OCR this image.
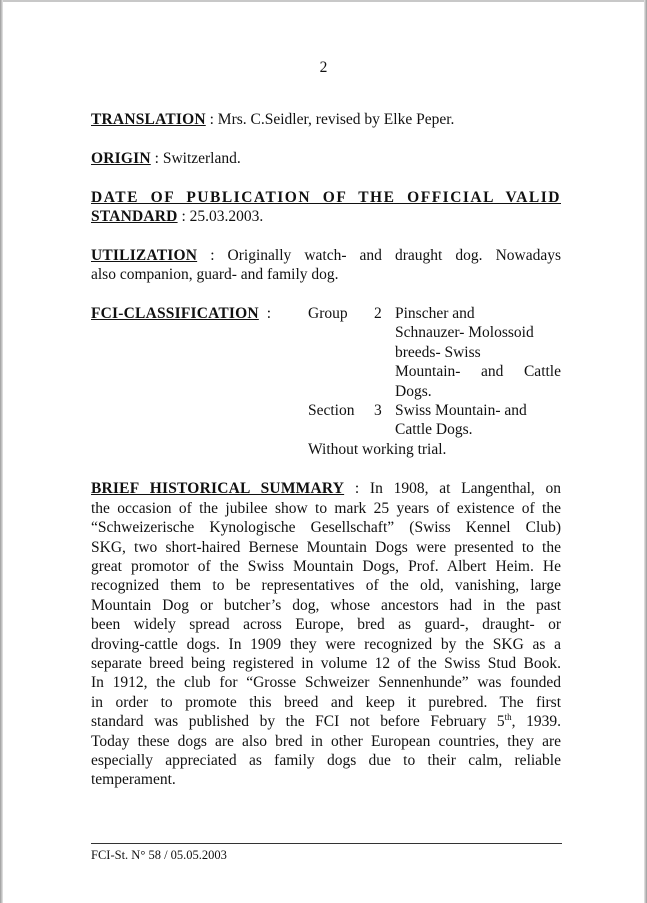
2

TRANSLATION : Mrs. C.Seidler, revised by Elke Peper.

ORIGIN : Switzerland.

DATE OF PUBLICATION OF THE OFFICIAL VALID
STANDARD : 25.03.2003.
UTILIZATION : Originally watch- and draught dog. Nowadays
also companion, guard- and family dog.
FCI-CLASSIFICATION : Group 2 Pinscher and
Schnauzer- Molossoid
breeds- Swiss
Mountain- and Cattle
Dogs.
Section 3 Swiss Mountain- and
Cattle Dogs.
Without working trial.
BRIEF HISTORICAL SUMMARY : In 1908, at Langenthal, on
the occasion of the jubilee show to mark 25 years of existence of the
“Schweizerische Kynologische Gesellschaft” (Swiss Kennel Club)
SKG, two short-haired Bernese Mountain Dogs were presented to the
great promotor of the Swiss Mountain Dogs, Prof. Albert Heim. He
recognized them to be representatives of the old, vanishing, large
Mountain Dog or butcher’s dog, whose ancestors had in the past
been widely spread across Europe, bred as guard-, draught- or
droving-cattle dogs. In 1909 they were recognized by the SKG as a
separate breed being registered in volume 12 of the Swiss Stud Book.
In 1912, the club for “Grosse Schweizer Sennenhunde” was founded
in order to promote this breed and keep it purebred. The first
standard was published by the FCI not before February 5th, 1939.
Today these dogs are also bred in other European countries, they are
especially appreciated as family dogs due to their calm, reliable
temperament.
FCI-St. N° 58 / 05.05.2003
